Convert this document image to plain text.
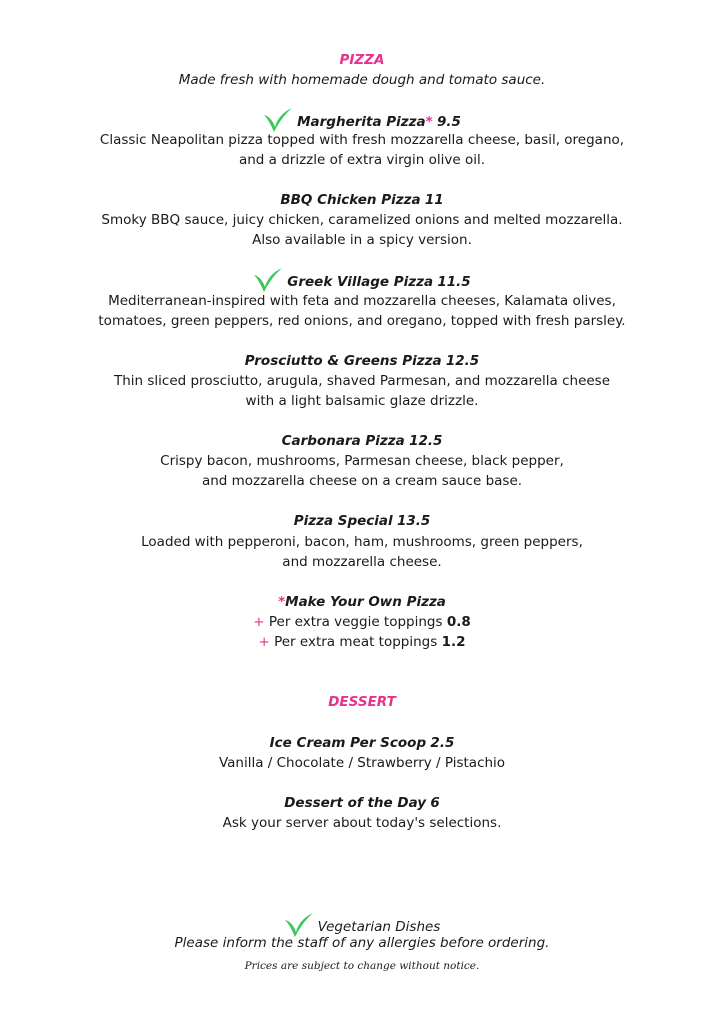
PIZZA
Made fresh with homemade dough and tomato sauce.
Margherita Pizza* 9.5
Classic Neapolitan pizza topped with fresh mozzarella cheese, basil, oregano,
and a drizzle of extra virgin olive oil.
BBQ Chicken Pizza 11
Smoky BBQ sauce, juicy chicken, caramelized onions and melted mozzarella.
Also available in a spicy version.
Greek Village Pizza 11.5
Mediterranean-inspired with feta and mozzarella cheeses, Kalamata olives,
tomatoes, green peppers, red onions, and oregano, topped with fresh parsley.
Prosciutto & Greens Pizza 12.5
Thin sliced prosciutto, arugula, shaved Parmesan, and mozzarella cheese
with a light balsamic glaze drizzle.
Carbonara Pizza 12.5
Crispy bacon, mushrooms, Parmesan cheese, black pepper,
and mozzarella cheese on a cream sauce base.
Pizza Special 13.5
Loaded with pepperoni, bacon, ham, mushrooms, green peppers,
and mozzarella cheese.
*Make Your Own Pizza
+ Per extra veggie toppings 0.8
+ Per extra meat toppings 1.2
DESSERT
Ice Cream Per Scoop 2.5
Vanilla / Chocolate / Strawberry / Pistachio
Dessert of the Day 6
Ask your server about today's selections.
Vegetarian Dishes
Please inform the staff of any allergies before ordering.
Prices are subject to change without notice.
